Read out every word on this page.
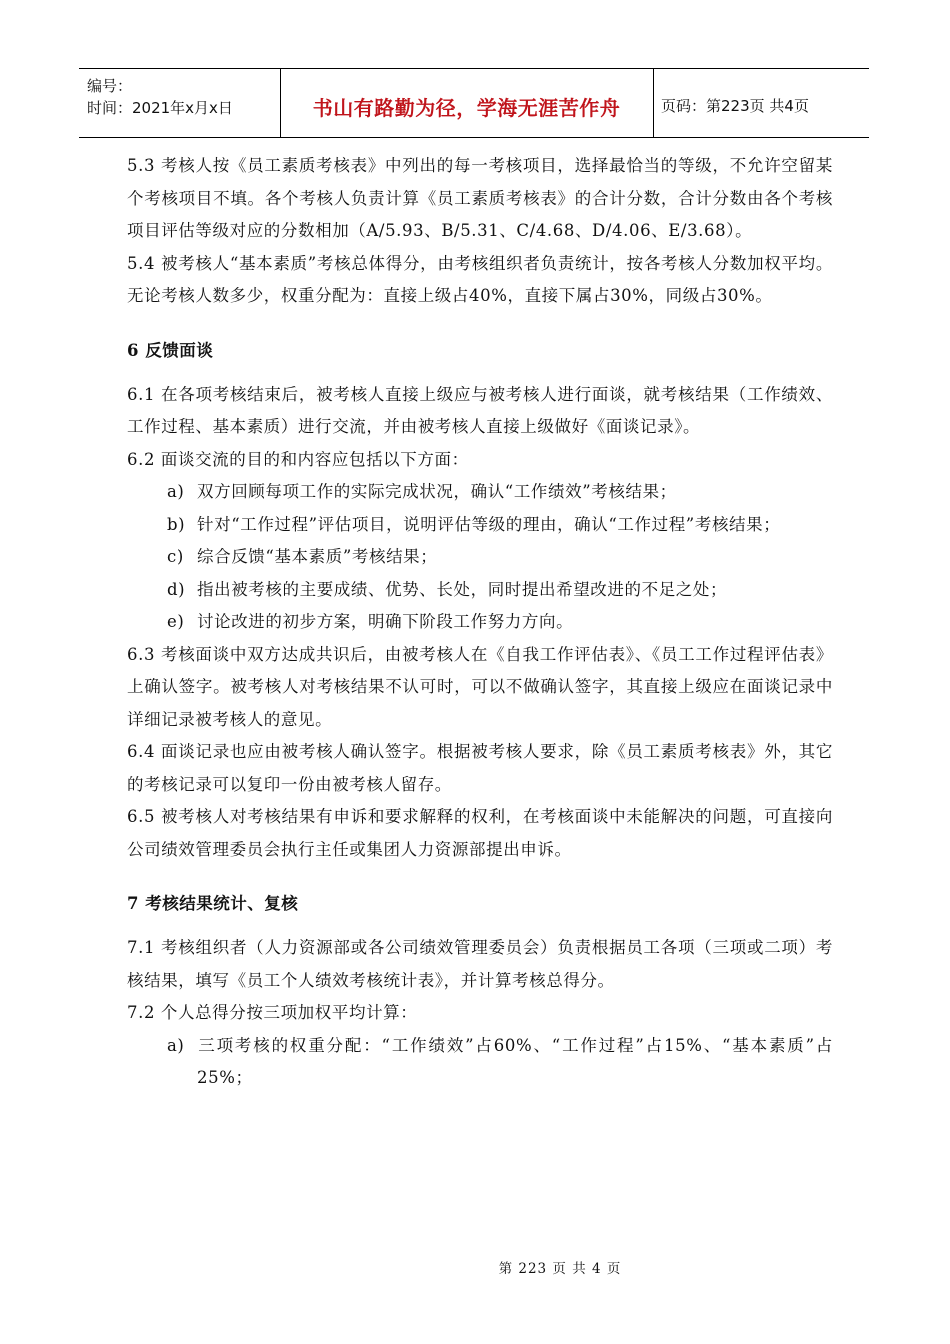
编号：
时间：2021年x月x日	书山有路勤为径，学海无涯苦作舟	页码：第223页 共4页

5.3 考核人按《员工素质考核表》中列出的每一考核项目，选择最恰当的等级，不允许空留某个考核项目不填。各个考核人负责计算《员工素质考核表》的合计分数，合计分数由各个考核项目评估等级对应的分数相加（A/5.93、B/5.31、C/4.68、D/4.06、E/3.68）。

5.4 被考核人“基本素质”考核总体得分，由考核组织者负责统计，按各考核人分数加权平均。无论考核人数多少，权重分配为：直接上级占40%，直接下属占30%，同级占30%。

6 反馈面谈

6.1 在各项考核结束后，被考核人直接上级应与被考核人进行面谈，就考核结果（工作绩效、工作过程、基本素质）进行交流，并由被考核人直接上级做好《面谈记录》。

6.2 面谈交流的目的和内容应包括以下方面：

a) 双方回顾每项工作的实际完成状况，确认“工作绩效”考核结果；

b) 针对“工作过程”评估项目，说明评估等级的理由，确认“工作过程”考核结果；

c) 综合反馈“基本素质”考核结果；

d) 指出被考核的主要成绩、优势、长处，同时提出希望改进的不足之处；

e) 讨论改进的初步方案，明确下阶段工作努力方向。

6.3 考核面谈中双方达成共识后，由被考核人在《自我工作评估表》、《员工工作过程评估表》上确认签字。被考核人对考核结果不认可时，可以不做确认签字，其直接上级应在面谈记录中详细记录被考核人的意见。

6.4 面谈记录也应由被考核人确认签字。根据被考核人要求，除《员工素质考核表》外，其它的考核记录可以复印一份由被考核人留存。

6.5 被考核人对考核结果有申诉和要求解释的权利，在考核面谈中未能解决的问题，可直接向公司绩效管理委员会执行主任或集团人力资源部提出申诉。

7 考核结果统计、复核

7.1 考核组织者（人力资源部或各公司绩效管理委员会）负责根据员工各项（三项或二项）考核结果，填写《员工个人绩效考核统计表》，并计算考核总得分。

7.2 个人总得分按三项加权平均计算：

a) 三项考核的权重分配：“工作绩效”占60%、“工作过程”占15%、“基本素质”占25%；

第 223 页 共 4 页
